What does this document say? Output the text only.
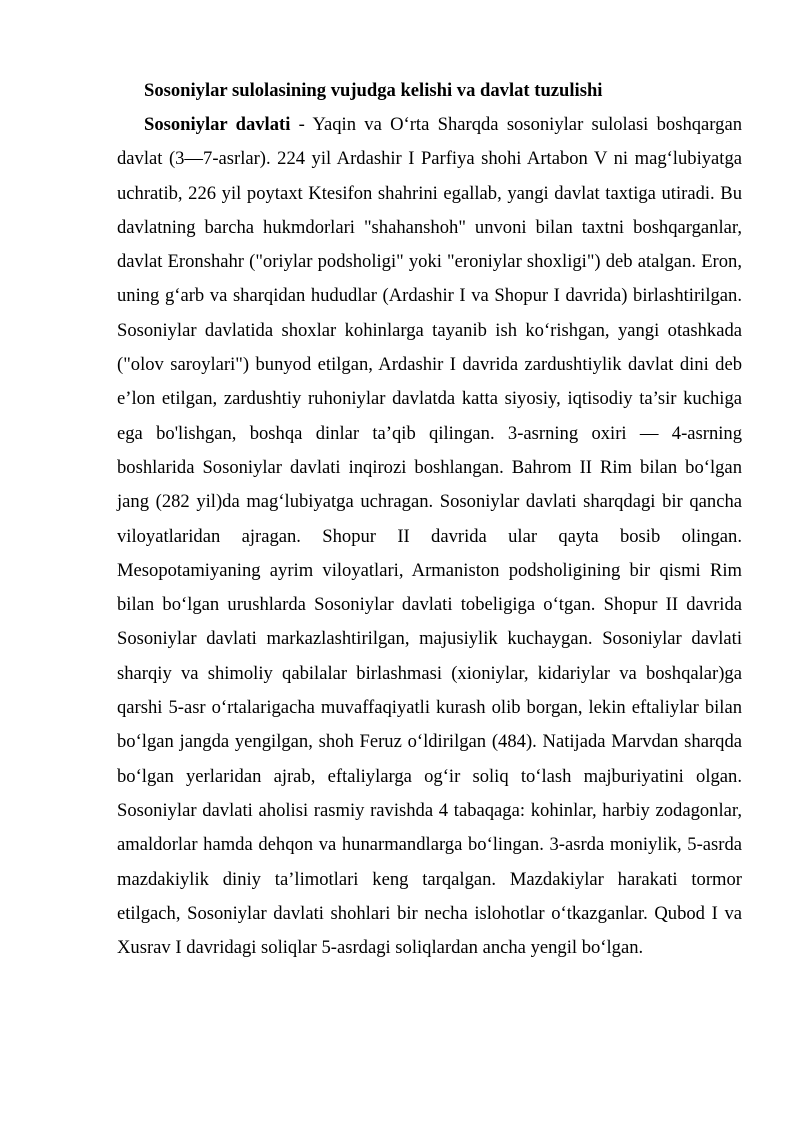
Sosoniylar sulolasining vujudga kelishi va davlat tuzulishi

Sosoniylar davlati - Yaqin va O‘rta Sharqda sosoniylar sulolasi boshqargan davlat (3—7-asrlar). 224 yil Ardashir I Parfiya shohi Artabon V ni mag‘lubiyatga uchratib, 226 yil poytaxt Ktesifon shahrini egallab, yangi davlat taxtiga utiradi. Bu davlatning barcha hukmdorlari "shahanshoh" unvoni bilan taxtni boshqarganlar, davlat Eronshahr ("oriylar podsholigi" yoki "eroniylar shoxligi") deb atalgan. Eron, uning g‘arb va sharqidan hududlar (Ardashir I va Shopur I davrida) birlashtirilgan. Sosoniylar davlatida shoxlar kohinlarga tayanib ish ko‘rishgan, yangi otashkada ("olov saroylari") bunyod etilgan, Ardashir I davrida zardushtiylik davlat dini deb e’lon etilgan, zardushtiy ruhoniylar davlatda katta siyosiy, iqtisodiy ta’sir kuchiga ega bo'lishgan, boshqa dinlar ta’qib qilingan. 3-asrning oxiri — 4-asrning boshlarida Sosoniylar davlati inqirozi boshlangan. Bahrom II Rim bilan bo‘lgan jang (282 yil)da mag‘lubiyatga uchragan. Sosoniylar davlati sharqdagi bir qancha viloyatlaridan ajragan. Shopur II davrida ular qayta bosib olingan. Mesopotamiyaning ayrim viloyatlari, Armaniston podsholigining bir qismi Rim bilan bo‘lgan urushlarda Sosoniylar davlati tobeligiga o‘tgan. Shopur II davrida Sosoniylar davlati markazlashtirilgan, majusiylik kuchaygan. Sosoniylar davlati sharqiy va shimoliy qabilalar birlashmasi (xioniylar, kidariylar va boshqalar)ga qarshi 5-asr o‘rtalarigacha muvaffaqiyatli kurash olib borgan, lekin eftaliylar bilan bo‘lgan jangda yengilgan, shoh Feruz o‘ldirilgan (484). Natijada Marvdan sharqda bo‘lgan yerlaridan ajrab, eftaliylarga og‘ir soliq to‘lash majburiyatini olgan. Sosoniylar davlati aholisi rasmiy ravishda 4 tabaqaga: kohinlar, harbiy zodagonlar, amaldorlar hamda dehqon va hunarmandlarga bo‘lingan. 3-asrda moniylik, 5-asrda mazdakiylik diniy ta’limotlari keng tarqalgan. Mazdakiylar harakati tormor etilgach, Sosoniylar davlati shohlari bir necha islohotlar o‘tkazganlar. Qubod I va Xusrav I davridagi soliqlar 5-asrdagi soliqlardan ancha yengil bo‘lgan.
